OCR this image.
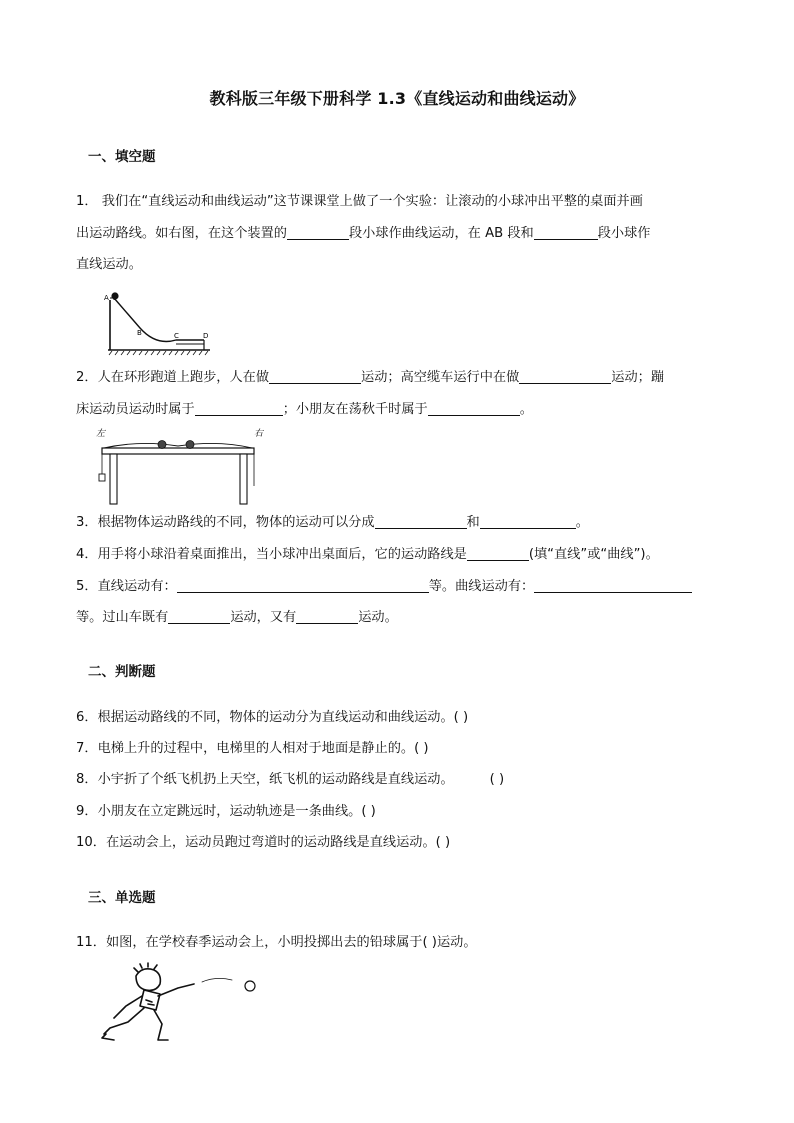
教科版三年级下册科学 1.3《直线运动和曲线运动》
一、填空题
1． 我们在“直线运动和曲线运动”这节课课堂上做了一个实验：让滚动的小球冲出平整的桌面并画
出运动路线。如右图，在这个装置的	段小球作曲线运动，在 AB 段和	段小球作
直线运动。
A
B	C	D
2．人在环形跑道上跑步，人在做	运动；高空缆车运行中在做	运动；蹦
床运动员运动时属于	；小朋友在荡秋千时属于	。
左	右
3．根据物体运动路线的不同，物体的运动可以分成	和	。
4．用手将小球沿着桌面推出，当小球冲出桌面后，它的运动路线是	(填“直线”或“曲线”)。
5．直线运动有：	等。曲线运动有：
等。过山车既有	运动，又有	运动。
二、判断题
6．根据运动路线的不同，物体的运动分为直线运动和曲线运动。( )
7．电梯上升的过程中，电梯里的人相对于地面是静止的。( )
8．小宇折了个纸飞机扔上天空，纸飞机的运动路线是直线运动。	( )
9．小朋友在立定跳远时，运动轨迹是一条曲线。( )
10．在运动会上，运动员跑过弯道时的运动路线是直线运动。( )
三、单选题
11．如图，在学校春季运动会上，小明投掷出去的铅球属于( )运动。
